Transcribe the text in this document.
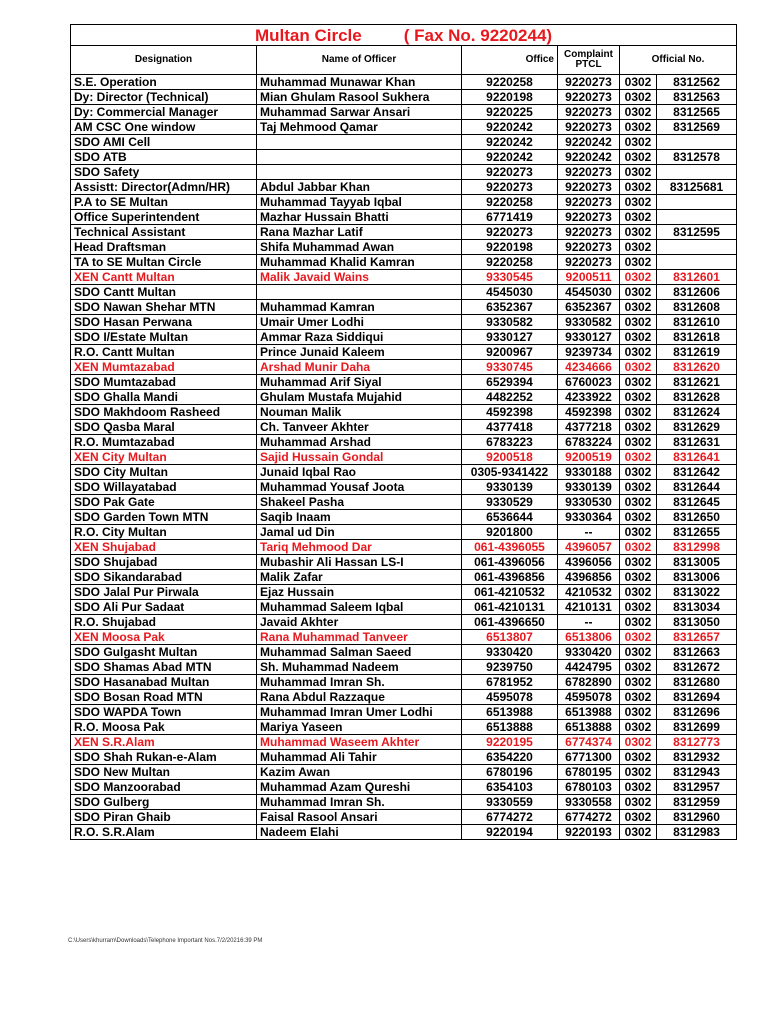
Multan Circle ( Fax No. 9220244)					
Designation	Name of Officer	Office	Complaint PTCL	Official No.	
S.E. Operation	Muhammad Munawar Khan	9220258	9220273	0302	8312562
Dy: Director (Technical)	Mian Ghulam Rasool Sukhera	9220198	9220273	0302	8312563
Dy: Commercial Manager	Muhammad Sarwar Ansari	9220225	9220273	0302	8312565
AM CSC One window	Taj Mehmood Qamar	9220242	9220273	0302	8312569
SDO AMI Cell		9220242	9220242	0302	
SDO ATB		9220242	9220242	0302	8312578
SDO Safety		9220273	9220273	0302	
Assistt: Director(Admn/HR)	Abdul Jabbar Khan	9220273	9220273	0302	83125681
P.A to SE Multan	Muhammad Tayyab Iqbal	9220258	9220273	0302	
Office Superintendent	Mazhar Hussain Bhatti	6771419	9220273	0302	
Technical Assistant	Rana Mazhar Latif	9220273	9220273	0302	8312595
Head Draftsman	Shifa Muhammad Awan	9220198	9220273	0302	
TA to SE Multan Circle	Muhammad Khalid Kamran	9220258	9220273	0302	
XEN Cantt Multan	Malik Javaid Wains	9330545	9200511	0302	8312601
SDO Cantt Multan		4545030	4545030	0302	8312606
SDO Nawan Shehar MTN	Muhammad Kamran	6352367	6352367	0302	8312608
SDO Hasan Perwana	Umair Umer Lodhi	9330582	9330582	0302	8312610
SDO I/Estate Multan	Ammar Raza Siddiqui	9330127	9330127	0302	8312618
R.O. Cantt Multan	Prince Junaid Kaleem	9200967	9239734	0302	8312619
XEN Mumtazabad	Arshad Munir Daha	9330745	4234666	0302	8312620
SDO Mumtazabad	Muhammad Arif Siyal	6529394	6760023	0302	8312621
SDO Ghalla Mandi	Ghulam Mustafa Mujahid	4482252	4233922	0302	8312628
SDO Makhdoom Rasheed	Nouman Malik	4592398	4592398	0302	8312624
SDO Qasba Maral	Ch. Tanveer Akhter	4377418	4377218	0302	8312629
R.O. Mumtazabad	Muhammad Arshad	6783223	6783224	0302	8312631
XEN City Multan	Sajid Hussain Gondal	9200518	9200519	0302	8312641
SDO City Multan	Junaid Iqbal Rao	0305-9341422	9330188	0302	8312642
SDO Willayatabad	Muhammad Yousaf Joota	9330139	9330139	0302	8312644
SDO Pak Gate	Shakeel Pasha	9330529	9330530	0302	8312645
SDO Garden Town MTN	Saqib Inaam	6536644	9330364	0302	8312650
R.O. City Multan	Jamal ud Din	9201800	--	0302	8312655
XEN Shujabad	Tariq Mehmood Dar	061-4396055	4396057	0302	8312998
SDO Shujabad	Mubashir Ali Hassan LS-I	061-4396056	4396056	0302	8313005
SDO Sikandarabad	Malik Zafar	061-4396856	4396856	0302	8313006
SDO Jalal Pur Pirwala	Ejaz Hussain	061-4210532	4210532	0302	8313022
SDO Ali Pur Sadaat	Muhammad Saleem Iqbal	061-4210131	4210131	0302	8313034
R.O. Shujabad	Javaid Akhter	061-4396650	--	0302	8313050
XEN Moosa Pak	Rana Muhammad Tanveer	6513807	6513806	0302	8312657
SDO Gulgasht Multan	Muhammad Salman Saeed	9330420	9330420	0302	8312663
SDO Shamas Abad MTN	Sh. Muhammad Nadeem	9239750	4424795	0302	8312672
SDO Hasanabad Multan	Muhammad Imran Sh.	6781952	6782890	0302	8312680
SDO Bosan Road MTN	Rana Abdul Razzaque	4595078	4595078	0302	8312694
SDO WAPDA Town	Muhammad Imran Umer Lodhi	6513988	6513988	0302	8312696
R.O. Moosa Pak	Mariya Yaseen	6513888	6513888	0302	8312699
XEN S.R.Alam	Muhammad Waseem Akhter	9220195	6774374	0302	8312773
SDO Shah Rukan-e-Alam	Muhammad Ali Tahir	6354220	6771300	0302	8312932
SDO New Multan	Kazim Awan	6780196	6780195	0302	8312943
SDO Manzoorabad	Muhammad Azam Qureshi	6354103	6780103	0302	8312957
SDO Gulberg	Muhammad Imran Sh.	9330559	9330558	0302	8312959
SDO Piran Ghaib	Faisal Rasool Ansari	6774272	6774272	0302	8312960
R.O. S.R.Alam	Nadeem Elahi	9220194	9220193	0302	8312983
C:\Users\khurram\Downloads\Telephone Important Nos.7/2/20216:39 PM
